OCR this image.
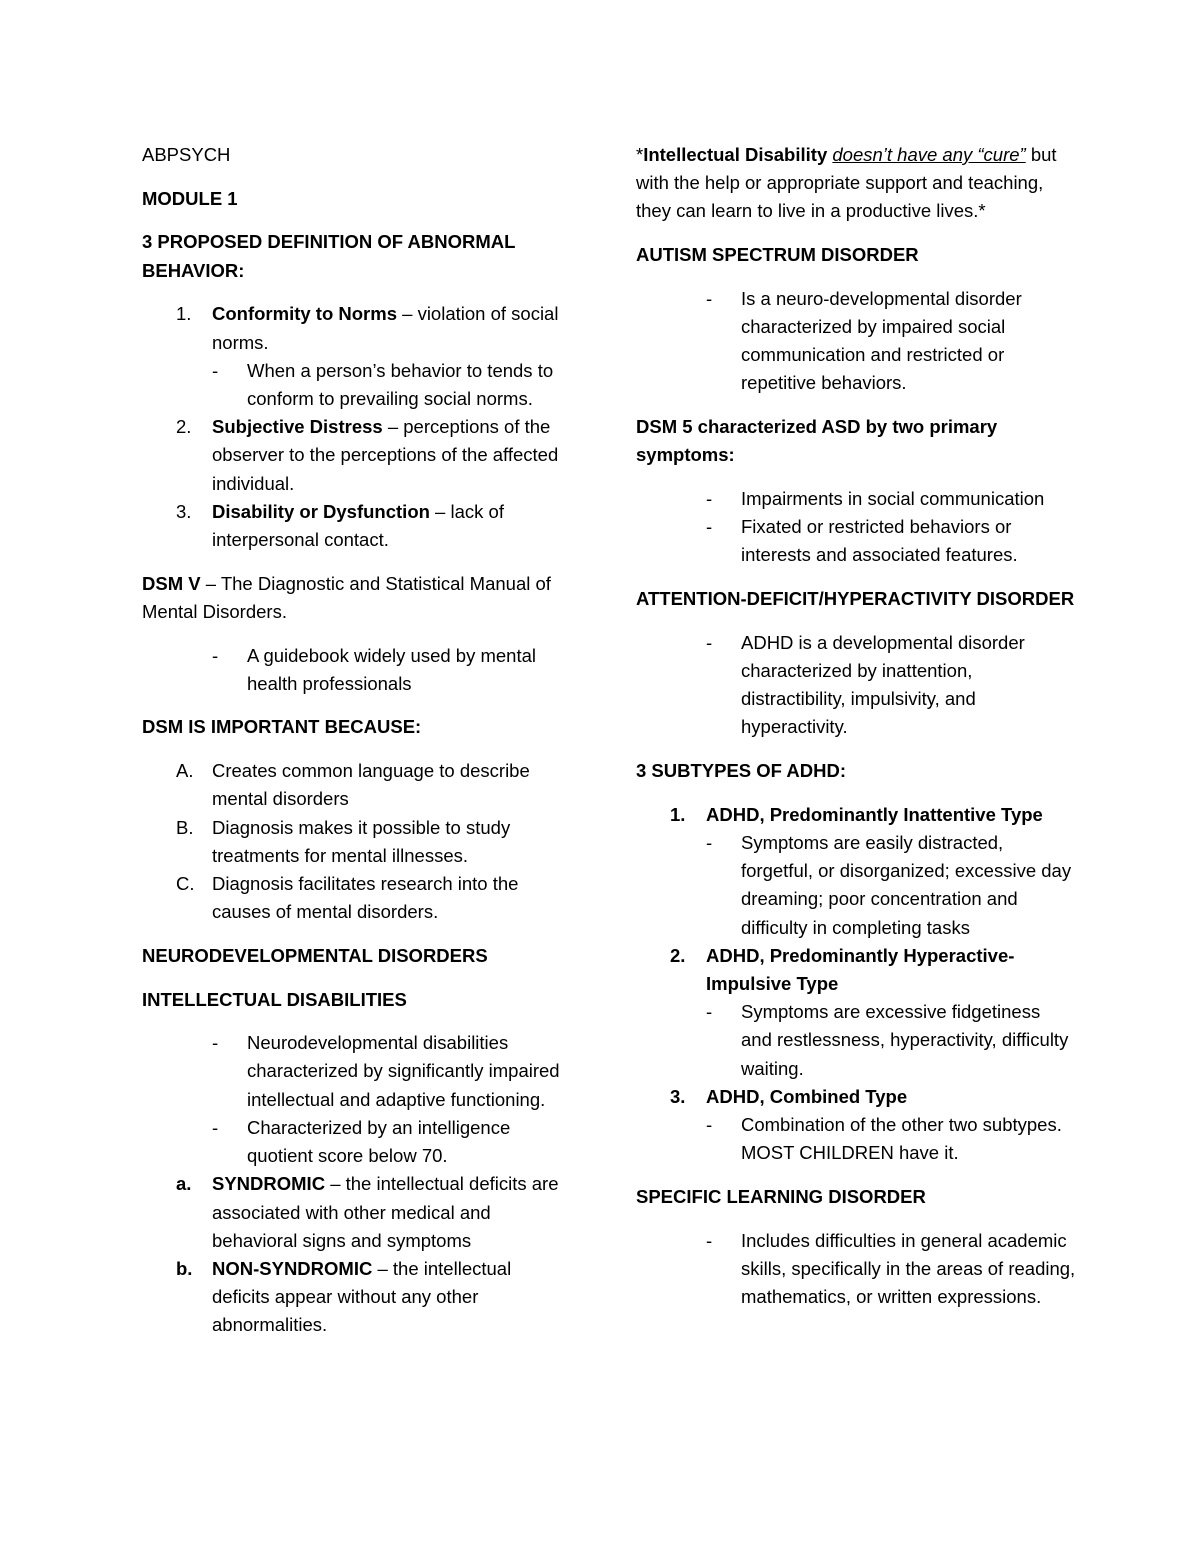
ABPSYCH

MODULE 1

3 PROPOSED DEFINITION OF ABNORMAL BEHAVIOR:

1. Conformity to Norms – violation of social norms.
- When a person’s behavior to tends to conform to prevailing social norms.
2. Subjective Distress – perceptions of the observer to the perceptions of the affected individual.
3. Disability or Dysfunction – lack of interpersonal contact.

DSM V – The Diagnostic and Statistical Manual of Mental Disorders.

- A guidebook widely used by mental health professionals

DSM IS IMPORTANT BECAUSE:

A. Creates common language to describe mental disorders
B. Diagnosis makes it possible to study treatments for mental illnesses.
C. Diagnosis facilitates research into the causes of mental disorders.

NEURODEVELOPMENTAL DISORDERS

INTELLECTUAL DISABILITIES

- Neurodevelopmental disabilities characterized by significantly impaired intellectual and adaptive functioning.
- Characterized by an intelligence quotient score below 70.
a. SYNDROMIC – the intellectual deficits are associated with other medical and behavioral signs and symptoms
b. NON-SYNDROMIC – the intellectual deficits appear without any other abnormalities.

*Intellectual Disability doesn’t have any “cure” but with the help or appropriate support and teaching, they can learn to live in a productive lives.*

AUTISM SPECTRUM DISORDER

- Is a neuro-developmental disorder characterized by impaired social communication and restricted or repetitive behaviors.

DSM 5 characterized ASD by two primary symptoms:

- Impairments in social communication
- Fixated or restricted behaviors or interests and associated features.

ATTENTION-DEFICIT/HYPERACTIVITY DISORDER

- ADHD is a developmental disorder characterized by inattention, distractibility, impulsivity, and hyperactivity.

3 SUBTYPES OF ADHD:

1. ADHD, Predominantly Inattentive Type
- Symptoms are easily distracted, forgetful, or disorganized; excessive day dreaming; poor concentration and difficulty in completing tasks
2. ADHD, Predominantly Hyperactive-Impulsive Type
- Symptoms are excessive fidgetiness and restlessness, hyperactivity, difficulty waiting.
3. ADHD, Combined Type
- Combination of the other two subtypes. MOST CHILDREN have it.

SPECIFIC LEARNING DISORDER

- Includes difficulties in general academic skills, specifically in the areas of reading, mathematics, or written expressions.
